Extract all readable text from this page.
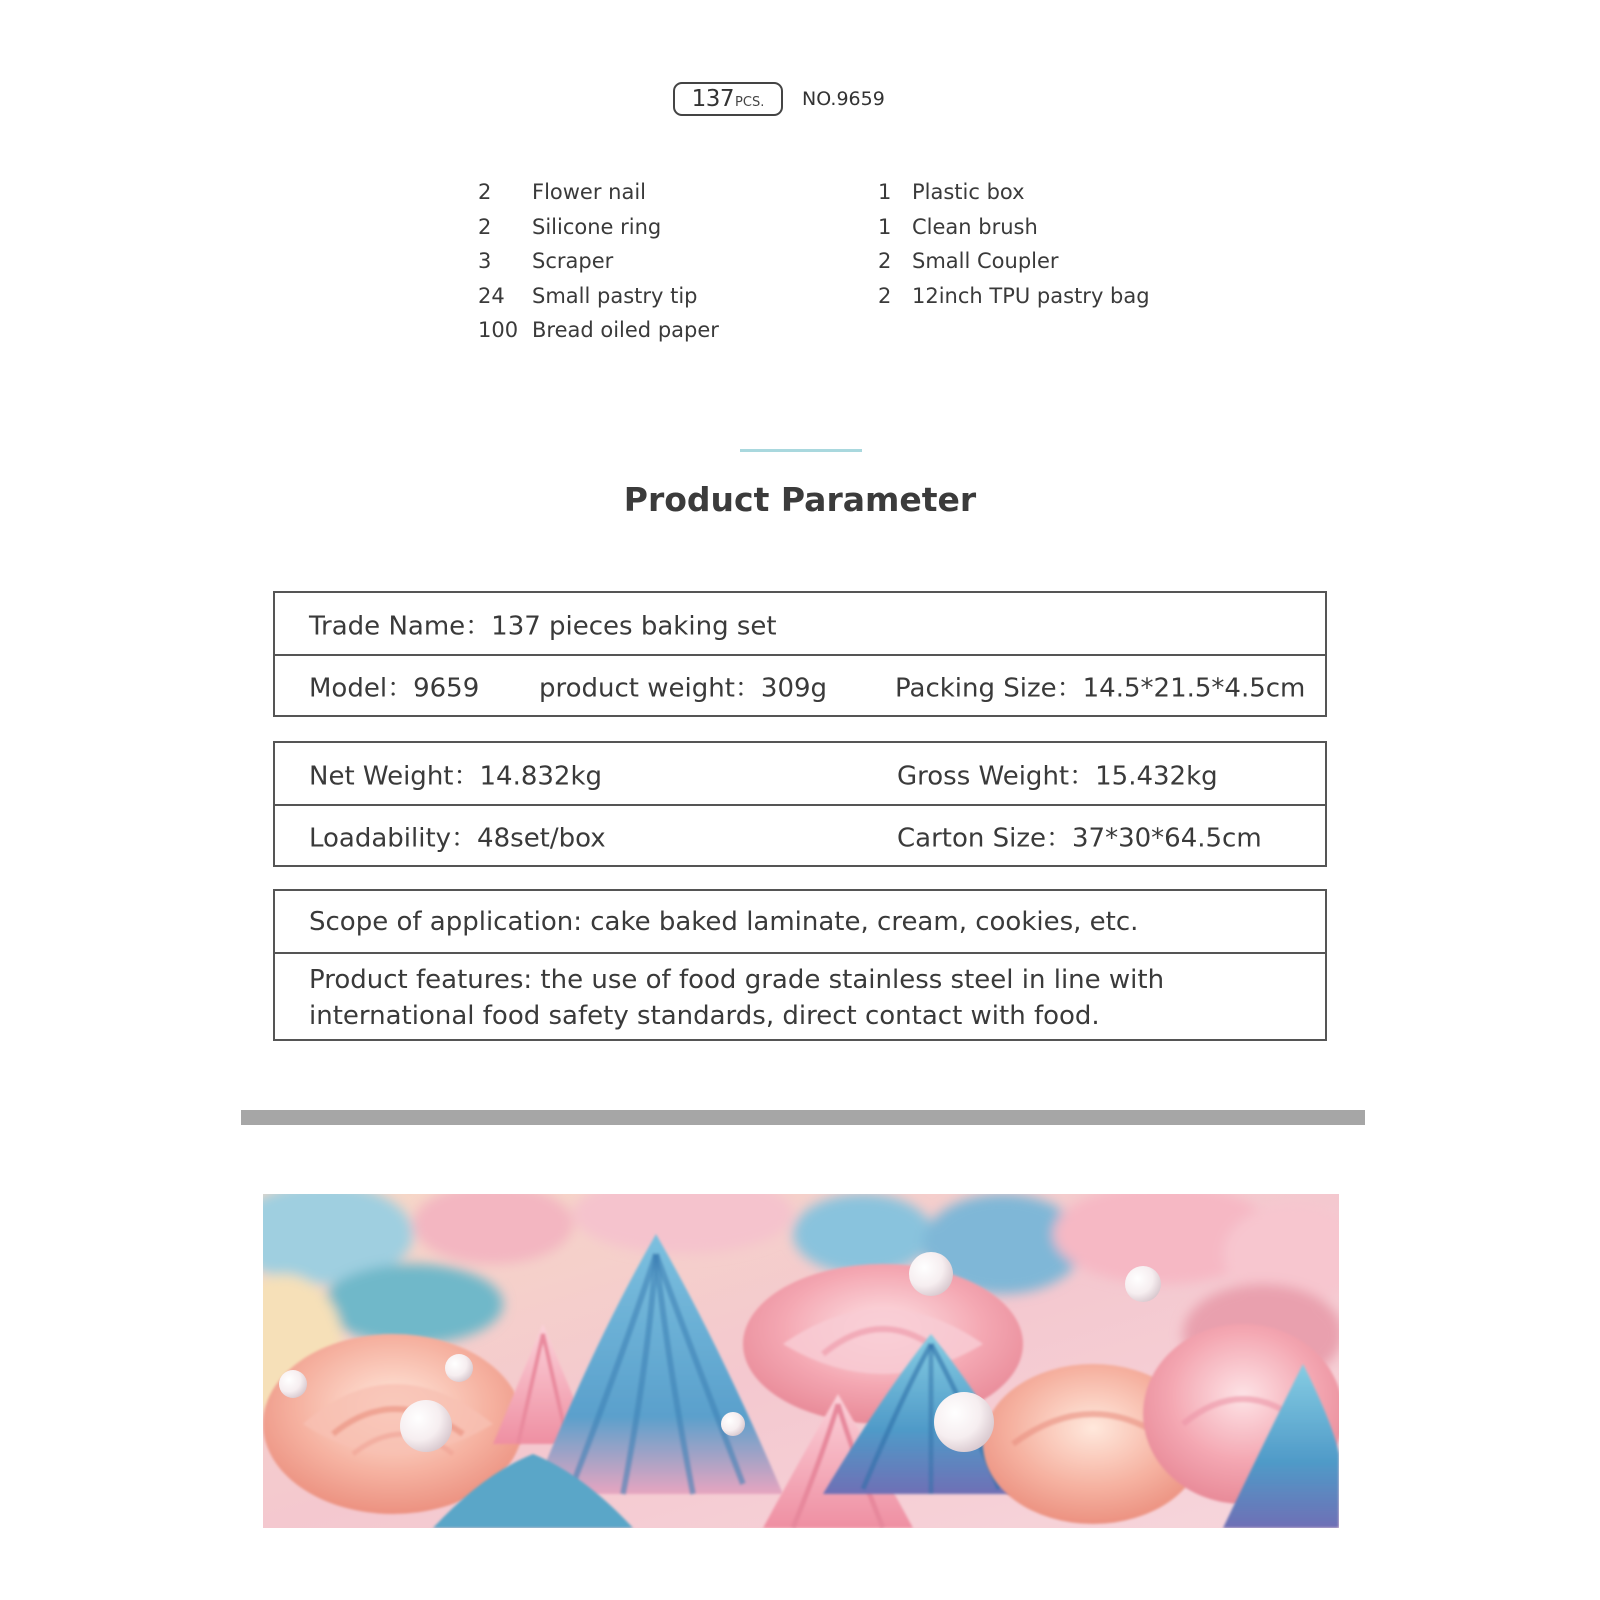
137 PCS. NO.9659
2 Flower nail
2 Silicone ring
3 Scraper
24 Small pastry tip
100 Bread oiled paper
1 Plastic box
1 Clean brush
2 Small Coupler
2 12inch TPU pastry bag
Product Parameter
Trade Name：137 pieces baking set
Model：9659 product weight：309g	Packing Size：14.5*21.5*4.5cm
Net Weight：14.832kg	Gross Weight：15.432kg
Loadability：48set/box	Carton Size：37*30*64.5cm
Scope of application: cake baked laminate, cream, cookies, etc.
Product features: the use of food grade stainless steel in line with international food safety standards, direct contact with food.
